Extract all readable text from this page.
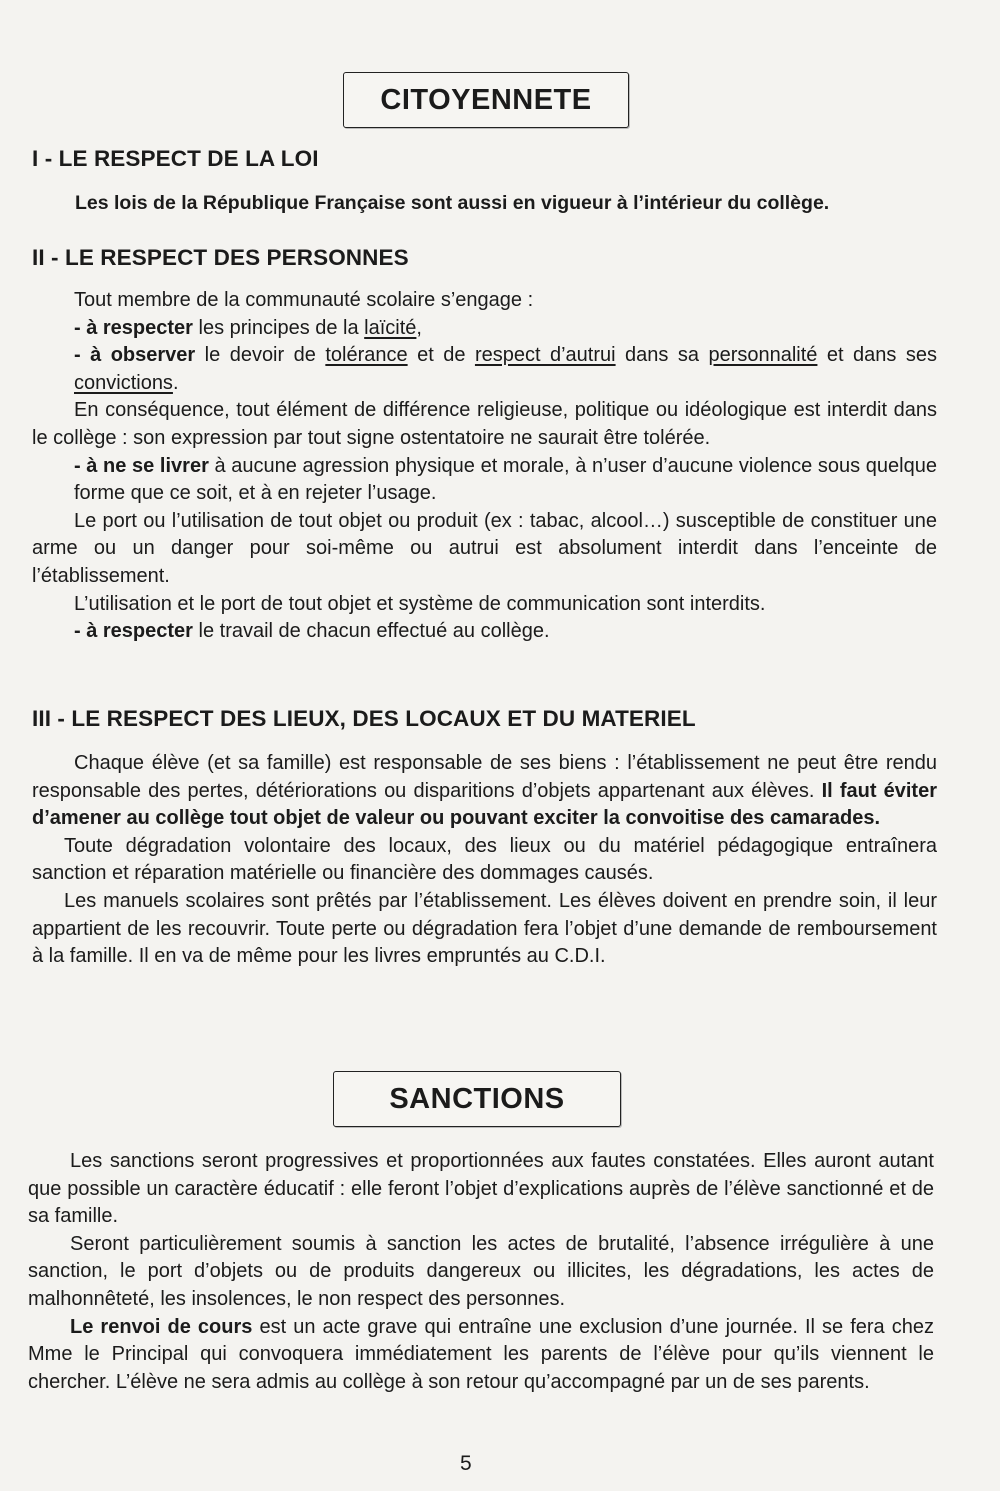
CITOYENNETE
I - LE RESPECT DE LA LOI

Les lois de la République Française sont aussi en vigueur à l’intérieur du collège.

II - LE RESPECT DES PERSONNES

Tout membre de la communauté scolaire s’engage :

- à respecter les principes de la laïcité,

- à observer le devoir de tolérance et de respect d’autrui dans sa personnalité et dans ses convictions.

En conséquence, tout élément de différence religieuse, politique ou idéologique est interdit dans le collège : son expression par tout signe ostentatoire ne saurait être tolérée.

- à ne se livrer à aucune agression physique et morale, à n’user d’aucune violence sous quelque forme que ce soit, et à en rejeter l’usage.

Le port ou l’utilisation de tout objet ou produit (ex : tabac, alcool…) susceptible de constituer une arme ou un danger pour soi-même ou autrui est absolument interdit dans l’enceinte de l’établissement.

L’utilisation et le port de tout objet et système de communication sont interdits.

- à respecter le travail de chacun effectué au collège.

III - LE RESPECT DES LIEUX, DES LOCAUX ET DU MATERIEL

Chaque élève (et sa famille) est responsable de ses biens : l’établissement ne peut être rendu responsable des pertes, détériorations ou disparitions d’objets appartenant aux élèves. Il faut éviter d’amener au collège tout objet de valeur ou pouvant exciter la convoitise des camarades.

Toute dégradation volontaire des locaux, des lieux ou du matériel pédagogique entraînera sanction et réparation matérielle ou financière des dommages causés.

Les manuels scolaires sont prêtés par l’établissement. Les élèves doivent en prendre soin, il leur appartient de les recouvrir. Toute perte ou dégradation fera l’objet d’une demande de remboursement à la famille. Il en va de même pour les livres empruntés au C.D.I.

SANCTIONS

Les sanctions seront progressives et proportionnées aux fautes constatées. Elles auront autant que possible un caractère éducatif : elle feront l’objet d’explications auprès de l’élève sanctionné et de sa famille.

Seront particulièrement soumis à sanction les actes de brutalité, l’absence irrégulière à une sanction, le port d’objets ou de produits dangereux ou illicites, les dégradations, les actes de malhonnêteté, les insolences, le non respect des personnes.

Le renvoi de cours est un acte grave qui entraîne une exclusion d’une journée. Il se fera chez Mme le Principal qui convoquera immédiatement les parents de l’élève pour qu’ils viennent le chercher. L’élève ne sera admis au collège à son retour qu’accompagné par un de ses parents.

5
